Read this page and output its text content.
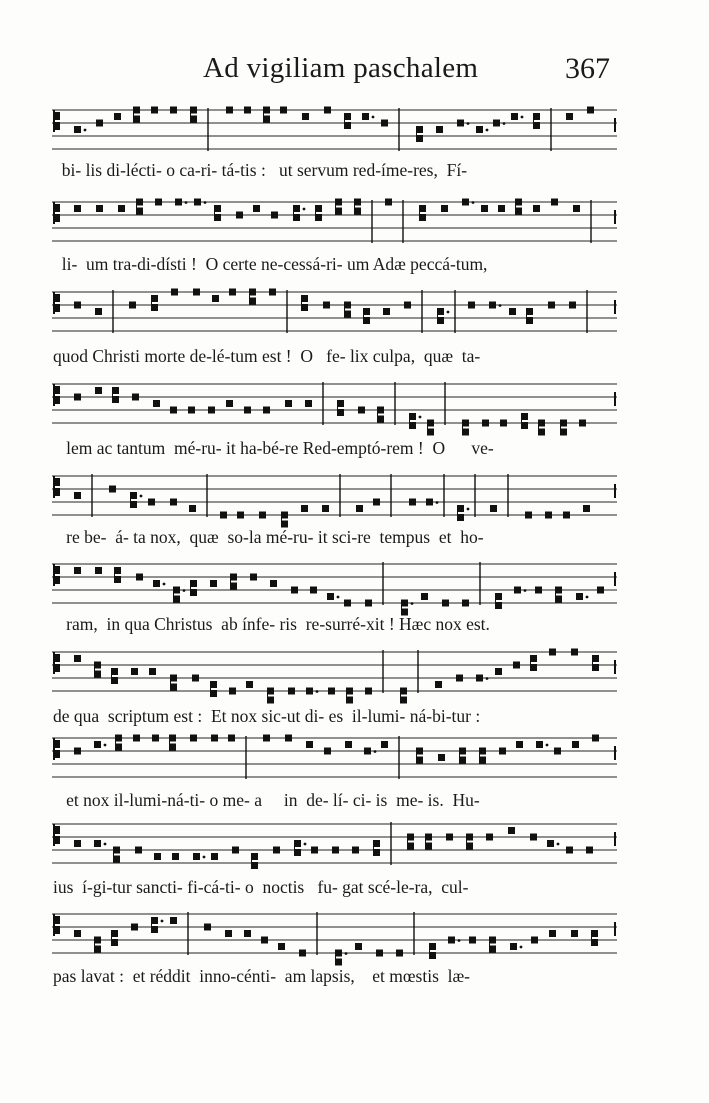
Ad vigiliam paschalem	367
bi- lis di-lécti- o ca-ri- tá-tis :   ut servum red-íme-res,  Fí-
li-  um tra-di-dísti !  O certe ne-cessá-ri- um Adæ peccá-tum,
quod Christi morte de-lé-tum est !  O   fe- lix culpa,  quæ  ta-
lem ac tantum  mé-ru- it ha-bé-re Red-emptó-rem !  O      ve-
re be-  á- ta nox,  quæ  so-la mé-ru- it sci-re  tempus  et  ho-
ram,  in qua Christus  ab ínfe- ris  re-surré-xit ! Hæc nox est.
de qua  scriptum est :  Et nox sic-ut di- es  il-lumi- ná-bi-tur :
et nox il-lumi-ná-ti- o me- a     in  de- lí- ci- is  me- is.  Hu-
ius  í-gi-tur sancti- fi-cá-ti- o  noctis   fu- gat scé-le-ra,  cul-
pas lavat :  et réddit  inno-cénti-  am lapsis,    et mœstis  læ-
